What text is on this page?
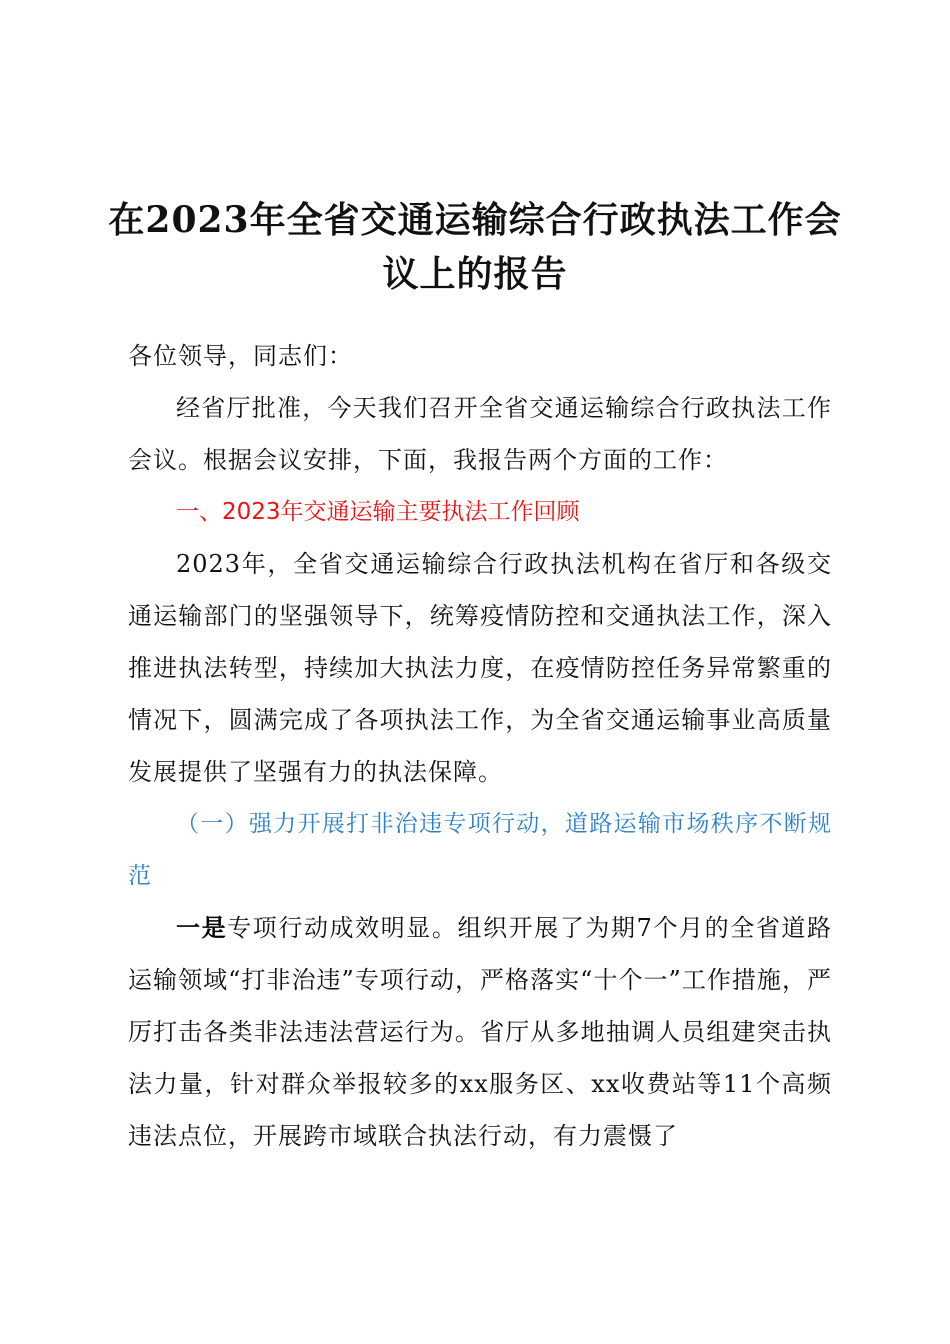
在2023年全省交通运输综合行政执法工作会
议上的报告

各位领导，同志们：

经省厅批准，今天我们召开全省交通运输综合行政执法工作会议。根据会议安排，下面，我报告两个方面的工作：

一、2023年交通运输主要执法工作回顾

2023年，全省交通运输综合行政执法机构在省厅和各级交通运输部门的坚强领导下，统筹疫情防控和交通执法工作，深入推进执法转型，持续加大执法力度，在疫情防控任务异常繁重的情况下，圆满完成了各项执法工作，为全省交通运输事业高质量发展提供了坚强有力的执法保障。

（一）强力开展打非治违专项行动，道路运输市场秩序不断规范

一是专项行动成效明显。组织开展了为期7个月的全省道路运输领域“打非治违”专项行动，严格落实“十个一”工作措施，严厉打击各类非法违法营运行为。省厅从多地抽调人员组建突击执法力量，针对群众举报较多的xx服务区、xx收费站等11个高频违法点位，开展跨市域联合执法行动，有力震慑了
